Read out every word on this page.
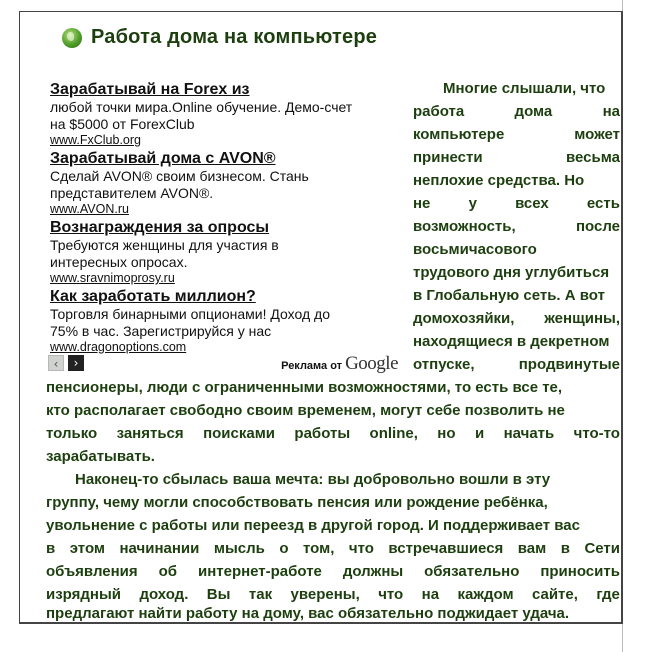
Работа дома на компьютере
Зарабатывай на Forex из
любой точки мира.Online обучение. Демо-счет
на $5000 от ForexClub
www.FxClub.org
Зарабатывай дома с AVON®
Сделай AVON® своим бизнесом. Стань
представителем AVON®.
www.AVON.ru
Вознаграждения за опросы
Требуются женщины для участия в
интересных опросах.
www.sravnimoprosy.ru
Как заработать миллион?
Торговля бинарными опционами! Доход до
75% в час. Зарегистрируйся у нас
www.dragonoptions.com
‹	›	Реклама от Google
Многие слышали, что
работа	дома	на
компьютере	может
принести	весьма
неплохие средства. Но
не	у	всех	есть
возможность,	после
восьмичасового
трудового дня углубиться
в Глобальную сеть. А вот
домохозяйки, женщины,
находящиеся в декретном
отпуске,	продвинутые
пенсионеры, люди с ограниченными возможностями, то есть все те,
кто располагает свободно своим временем, могут себе позволить не
только заняться поисками работы online, но и начать что-то
зарабатывать.
Наконец-то сбылась ваша мечта: вы добровольно вошли в эту
группу, чему могли способствовать пенсия или рождение ребёнка,
увольнение с работы или переезд в другой город. И поддерживает вас
в этом начинании мысль о том, что встречавшиеся вам в Сети
объявления об интернет-работе должны обязательно приносить
изрядный доход. Вы так уверены, что на каждом сайте, где
предлагают найти работу на дому, вас обязательно поджидает удача.
